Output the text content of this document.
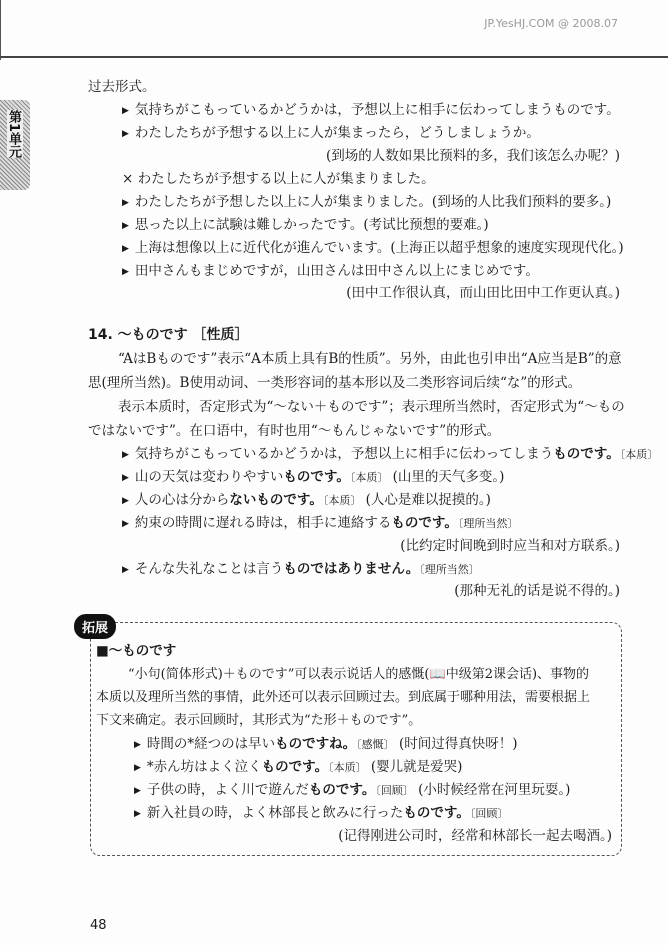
JP.YesHJ.COM @ 2008.07
第1单元
过去形式。
▶ 気持ちがこもっているかどうかは，予想以上に相手に伝わってしまうものです。
▶ わたしたちが予想する以上に人が集まったら，どうしましょうか。
(到场的人数如果比预料的多，我们该怎么办呢？)
× わたしたちが予想する以上に人が集まりました。
▶ わたしたちが予想した以上に人が集まりました。(到场的人比我们预料的要多。)
▶ 思った以上に試験は難しかったです。(考试比预想的要难。)
▶ 上海は想像以上に近代化が進んでいます。(上海正以超乎想象的速度实现现代化。)
▶ 田中さんもまじめですが，山田さんは田中さん以上にまじめです。
(田中工作很认真，而山田比田中工作更认真。)
14. ～ものです ［性质］
“AはBものです”表示“A本质上具有B的性质”。另外，由此也引申出“A应当是B”的意
思(理所当然)。B使用动词、一类形容词的基本形以及二类形容词后续“な”的形式。
表示本质时，否定形式为“～ない＋ものです”；表示理所当然时，否定形式为“～もの
ではないです”。在口语中，有时也用“～もんじゃないです”的形式。
▶ 気持ちがこもっているかどうかは，予想以上に相手に伝わってしまうものです。〔本质〕
▶ 山の天気は変わりやすいものです。〔本质〕 (山里的天气多变。)
▶ 人の心は分からないものです。〔本质〕 (人心是难以捉摸的。)
▶ 約束の時間に遅れる時は，相手に連絡するものです。〔理所当然〕
(比约定时间晚到时应当和对方联系。)
▶ そんな失礼なことは言うものではありません。〔理所当然〕
(那种无礼的话是说不得的。)
拓展
■～ものです
“小句(简体形式)＋ものです”可以表示说话人的感慨(📖中级第2课会话)、事物的
本质以及理所当然的事情，此外还可以表示回顾过去。到底属于哪种用法，需要根据上
下文来确定。表示回顾时，其形式为“た形＋ものです”。
▶ 時間の*経つのは早いものですね。〔感慨〕 (时间过得真快呀！)
▶ *赤ん坊はよく泣くものです。〔本质〕 (婴儿就是爱哭)
▶ 子供の時，よく川で遊んだものです。〔回顾〕 (小时候经常在河里玩耍。)
▶ 新入社員の時，よく林部長と飲みに行ったものです。〔回顾〕
(记得刚进公司时，经常和林部长一起去喝酒。)
48
